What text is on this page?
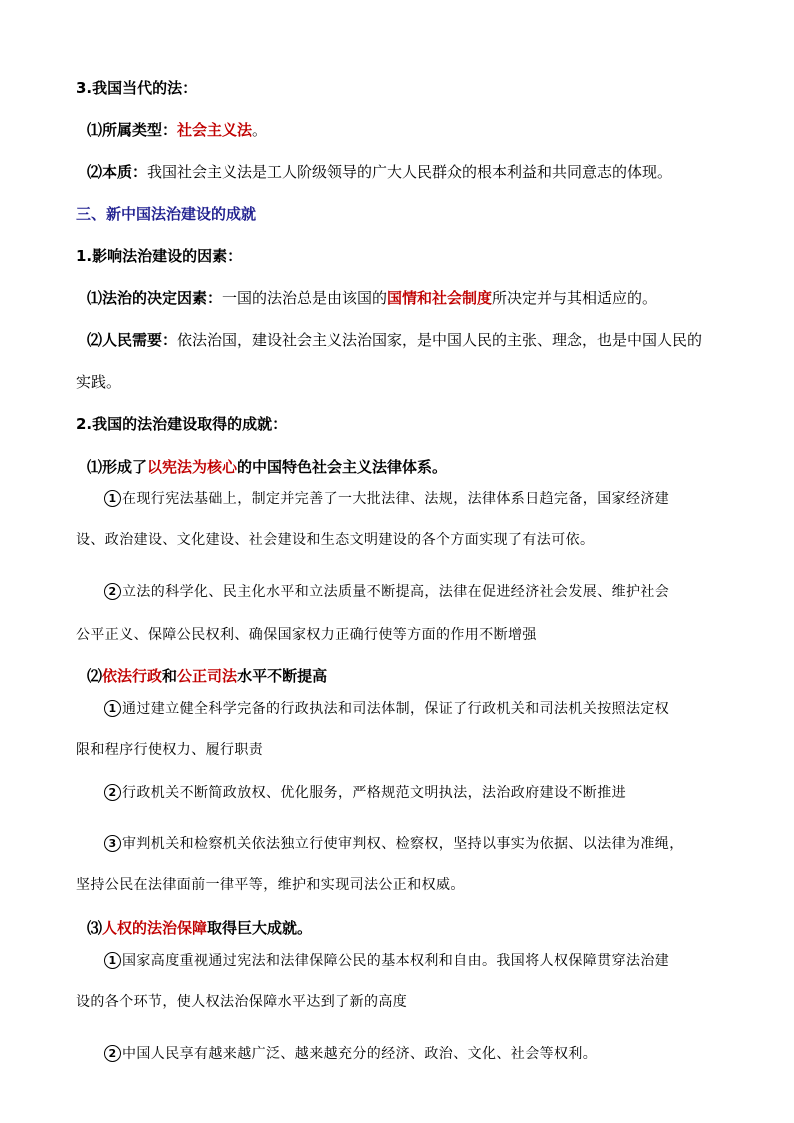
3.我国当代的法：
⑴所属类型：社会主义法。
⑵本质：我国社会主义法是工人阶级领导的广大人民群众的根本利益和共同意志的体现。
三、新中国法治建设的成就
1.影响法治建设的因素：
⑴法治的决定因素：一国的法治总是由该国的国情和社会制度所决定并与其相适应的。
⑵人民需要：依法治国，建设社会主义法治国家，是中国人民的主张、理念，也是中国人民的
实践。
2.我国的法治建设取得的成就：
⑴形成了以宪法为核心的中国特色社会主义法律体系。
1 在现行宪法基础上，制定并完善了一大批法律、法规，法律体系日趋完备，国家经济建
设、政治建设、文化建设、社会建设和生态文明建设的各个方面实现了有法可依。
2 立法的科学化、民主化水平和立法质量不断提高，法律在促进经济社会发展、维护社会
公平正义、保障公民权利、确保国家权力正确行使等方面的作用不断增强
⑵依法行政和公正司法水平不断提高
1 通过建立健全科学完备的行政执法和司法体制，保证了行政机关和司法机关按照法定权
限和程序行使权力、履行职责
2 行政机关不断简政放权、优化服务，严格规范文明执法，法治政府建设不断推进
3 审判机关和检察机关依法独立行使审判权、检察权，坚持以事实为依据、以法律为准绳，
坚持公民在法律面前一律平等，维护和实现司法公正和权威。
⑶人权的法治保障取得巨大成就。
1 国家高度重视通过宪法和法律保障公民的基本权利和自由。我国将人权保障贯穿法治建
设的各个环节，使人权法治保障水平达到了新的高度
2 中国人民享有越来越广泛、越来越充分的经济、政治、文化、社会等权利。
